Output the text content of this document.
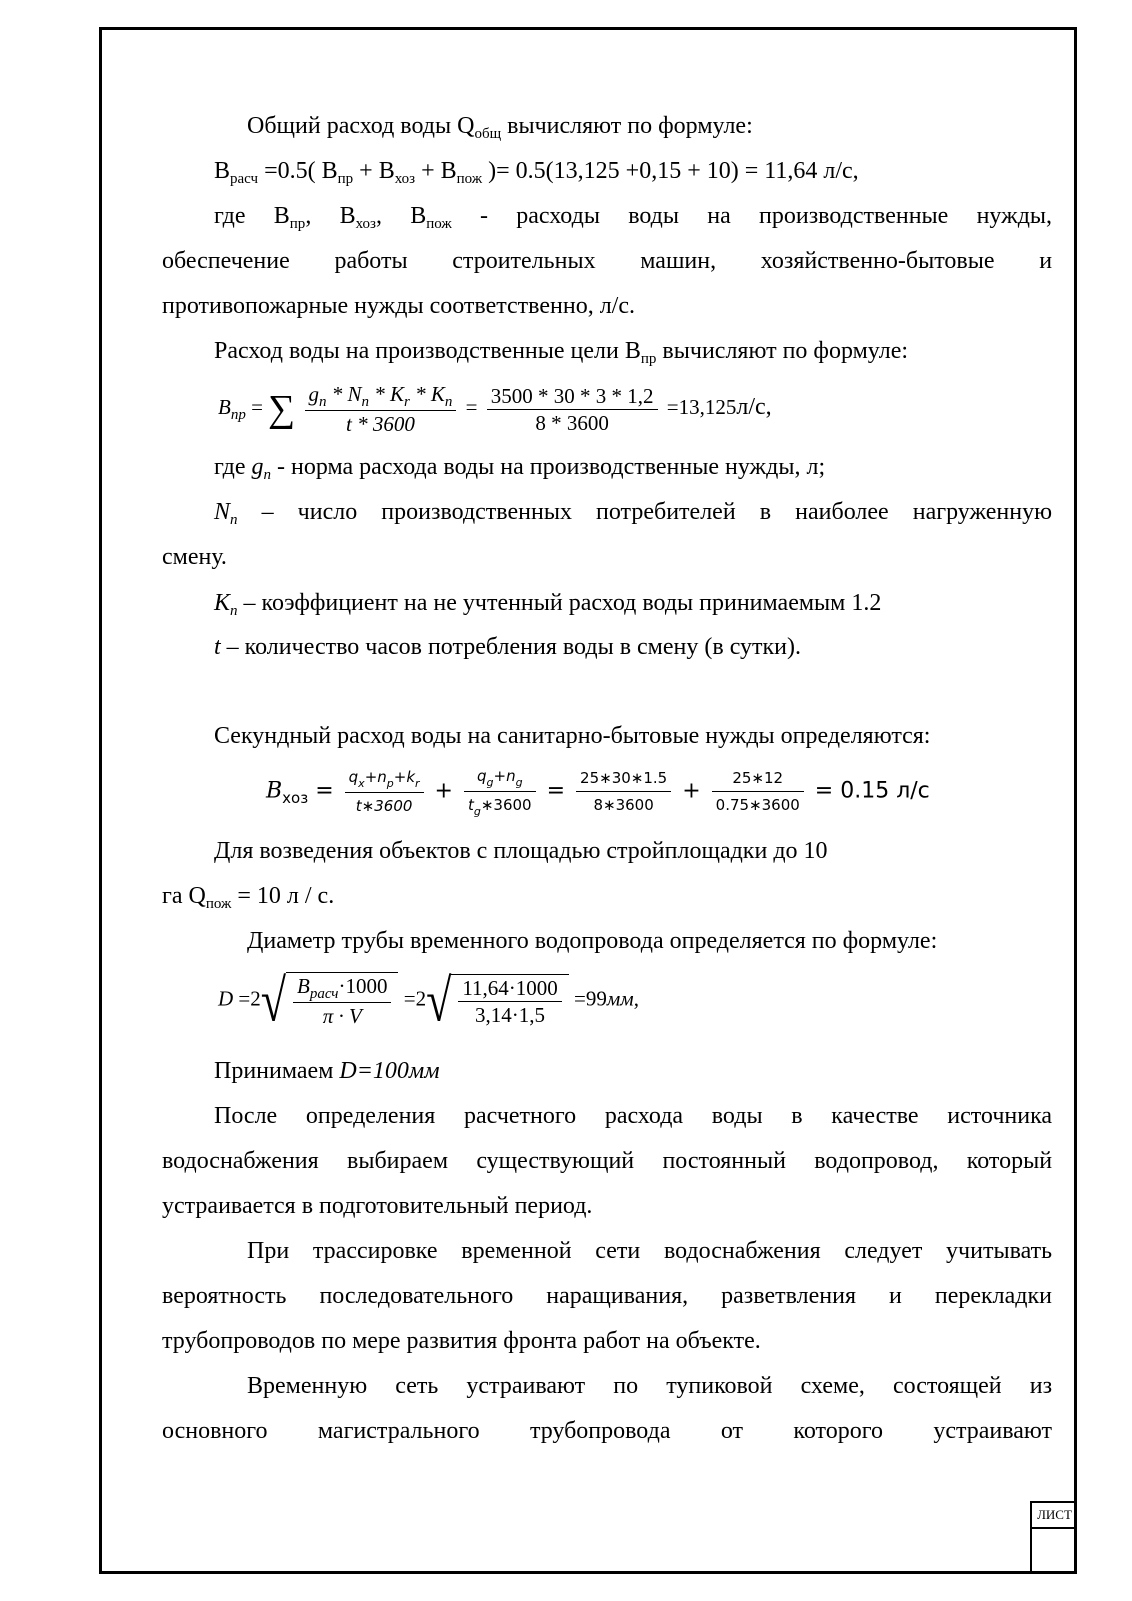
ЛИСТ
Общий расход воды $Q_{общ}$ вычисляют по формуле:
$В_{расч} =0.5$( $В_{пр} + В_{хоз} + В_{пож}$ )= 0.5(13,125 +0,15 + 10) = 11,64 л/с,
где $В_{пр}$, $В_{хоз}$, $В_{пож}$ - расходы воды на производственные нужды,
обеспечение работы строительных машин, хозяйственно-бытовые и
противопожарные нужды соответственно, л/с.
Расход воды на производственные цели $В_{пр}$ вычисляют по формуле:
$B_{пр}$ = ∑ $\frac{g_n * N_n * K_r * K_n}{t * 3600} = \frac{3500 * 30 * 3 * 1,2}{8 * 3600} =13,125л/с$,
где $g_n$ - норма расхода воды на производственные нужды, л;
$N_n$ – число производственных потребителей в наиболее нагруженную
смену.
$K_п$ – коэффициент на не учтенный расход воды принимаемым 1.2
t – количество часов потребления воды в смену (в сутки).
Секундный расход воды на санитарно-бытовые нужды определяются:
$B_{хоз} = \frac{q_x+n_p+k_r}{t∗3600} + \frac{q_g+n_g}{t_g∗3600} = \frac{25∗30∗1.5}{8∗3600} + \frac{25∗12}{0.75∗3600} = 0.15$ л/с
Для возведения объектов с площадью стройплощадки до 10
га $Q_{пож} = 10$ л / с.
Диаметр трубы временного водопровода определяется по формуле:
$D =2√ \frac{B_{расч}\cdot 1000}{\pi \cdot V} =2√ \frac{11,64\cdot 1000}{3,14\cdot 1,5} =99мм$,
Принимаем D=100мм
После определения расчетного расхода воды в качестве источника
водоснабжения выбираем существующий постоянный водопровод, который
устраивается в подготовительный период.
При трассировке временной сети водоснабжения следует учитывать
вероятность последовательного наращивания, разветвления и перекладки
трубопроводов по мере развития фронта работ на объекте.
Временную сеть устраивают по тупиковой схеме, состоящей из
основного магистрального трубопровода от которого устраивают
